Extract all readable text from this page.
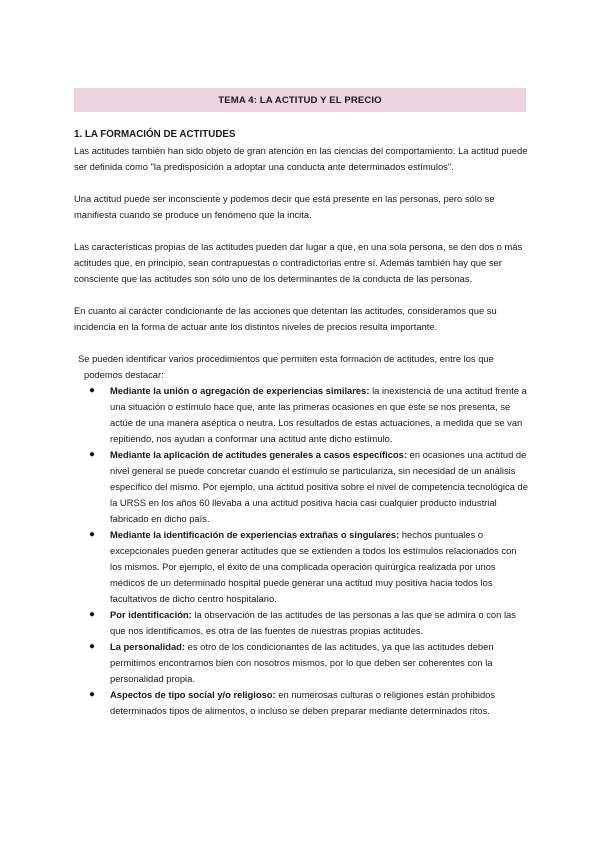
TEMA 4: LA ACTITUD Y EL PRECIO

1. LA FORMACIÓN DE ACTITUDES

Las actitudes también han sido objeto de gran atención en las ciencias del comportamiento. La actitud puede ser definida como "la predisposición a adoptar una conducta ante determinados estímulos".

Una actitud puede ser inconsciente y podemos decir que está presente en las personas, pero sólo se manifiesta cuando se produce un fenómeno que la incita.

Las características propias de las actitudes pueden dar lugar a que, en una sola persona, se den dos o más actitudes que, en principio, sean contrapuestas o contradictorias entre sí. Además también hay que ser consciente que las actitudes son sólo uno de los determinantes de la conducta de las personas.

En cuanto al carácter condicionante de las acciones que detentan las actitudes, consideramos que su incidencia en la forma de actuar ante los distintos niveles de precios resulta importante.

Se pueden identificar varios procedimientos que permiten esta formación de actitudes, entre los que

podemos destacar:

● Mediante la unión o agregación de experiencias similares: la inexistencia de una actitud frente a una situación o estímulo hace que, ante las primeras ocasiones en que este se nos presenta, se actúe de una manera aséptica o neutra. Los resultados de estas actuaciones, a medida que se van repitiendo, nos ayudan a conformar una actitud ante dicho estímulo.
● Mediante la aplicación de actitudes generales a casos específicos: en ocasiones una actitud de nivel general se puede concretar cuando el estímulo se particulariza, sin necesidad de un análisis específico del mismo. Por ejemplo, una actitud positiva sobre el nivel de competencia tecnológica de la URSS en los años 60 llevaba a una actitud positiva hacia casi cualquier producto industrial fabricado en dicho país.
● Mediante la identificación de experiencias extrañas o singulares: hechos puntuales o excepcionales pueden generar actitudes que se extienden a todos los estímulos relacionados con los mismos. Por ejemplo, el éxito de una complicada operación quirúrgica realizada por unos médicos de un determinado hospital puede generar una actitud muy positiva hacia todos los facultativos de dicho centro hospitalario.
● Por identificación: la observación de las actitudes de las personas a las que se admira o con las que nos identificamos, es otra de las fuentes de nuestras propias actitudes.
● La personalidad: es otro de los condicionantes de las actitudes, ya que las actitudes deben permitimos encontrarnos bien con nosotros mismos, por lo que deben ser coherentes con la personalidad propia.
● Aspectos de tipo social y/o religioso: en numerosas culturas o religiones están prohibidos determinados tipos de alimentos, o incluso se deben preparar mediante determinados ritos.
